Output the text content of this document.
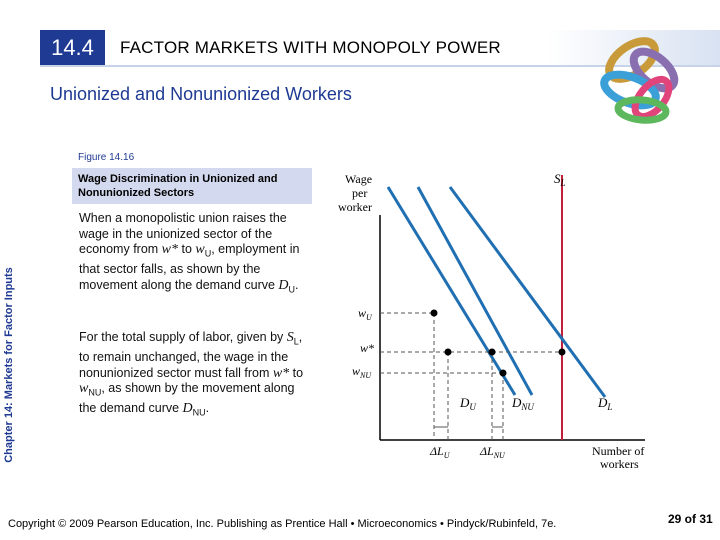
14.4	FACTOR MARKETS WITH MONOPOLY POWER
Unionized and Nonunionized Workers
Chapter 14: Markets for Factor Inputs
Figure 14.16
Wage Discrimination in Unionized and
Nonunionized Sectors
When a monopolistic union raises the wage in the unionized sector of the economy from w* to $w_U$, employment in that sector falls, as shown by the movement along the demand curve $D_U$.
For the total supply of labor, given by $S_L$, to remain unchanged, the wage in the nonunionized sector must fall from w* to $w_{NU}$, as shown by the movement along the demand curve $D_{NU}$.
Wage
per
worker
Number of
workers
$w_U$
w*
$w_{NU}$
$\Delta L_U$	$\Delta L_{NU}$
$S_L$
$D_U$	$D_{NU}$	$D_L$
Copyright © 2009 Pearson Education, Inc. Publishing as Prentice Hall • Microeconomics • Pindyck/Rubinfeld, 7e.	29 of 31
